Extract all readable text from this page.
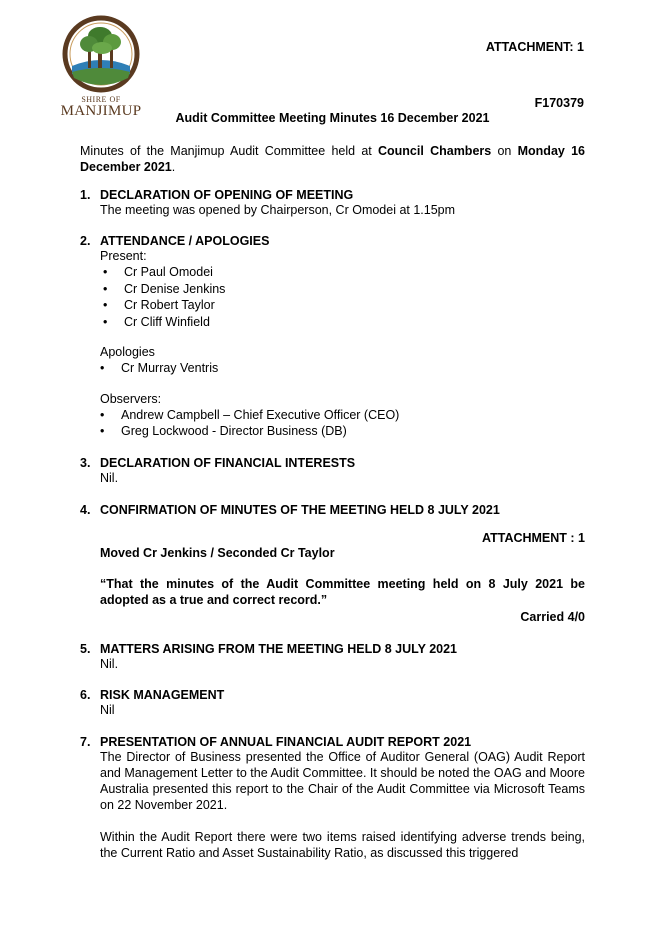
SHIRE OF
MANJIMUP
ATTACHMENT: 1
F170379
Audit Committee Meeting Minutes 16 December 2021
Minutes of the Manjimup Audit Committee held at Council Chambers on Monday 16 December 2021.
1. DECLARATION OF OPENING OF MEETING
The meeting was opened by Chairperson, Cr Omodei at 1.15pm
2. ATTENDANCE / APOLOGIES
Present:
• Cr Paul Omodei
• Cr Denise Jenkins
• Cr Robert Taylor
• Cr Cliff Winfield
Apologies
• Cr Murray Ventris
Observers:
• Andrew Campbell – Chief Executive Officer (CEO)
• Greg Lockwood - Director Business (DB)
3. DECLARATION OF FINANCIAL INTERESTS
Nil.
4. CONFIRMATION OF MINUTES OF THE MEETING HELD 8 JULY 2021
ATTACHMENT : 1
Moved Cr Jenkins / Seconded Cr Taylor
“That the minutes of the Audit Committee meeting held on 8 July 2021 be adopted as a true and correct record.”
Carried 4/0
5. MATTERS ARISING FROM THE MEETING HELD 8 JULY 2021
Nil.
6. RISK MANAGEMENT
Nil
7. PRESENTATION OF ANNUAL FINANCIAL AUDIT REPORT 2021
The Director of Business presented the Office of Auditor General (OAG) Audit Report and Management Letter to the Audit Committee. It should be noted the OAG and Moore Australia presented this report to the Chair of the Audit Committee via Microsoft Teams on 22 November 2021.
Within the Audit Report there were two items raised identifying adverse trends being, the Current Ratio and Asset Sustainability Ratio, as discussed this triggered
